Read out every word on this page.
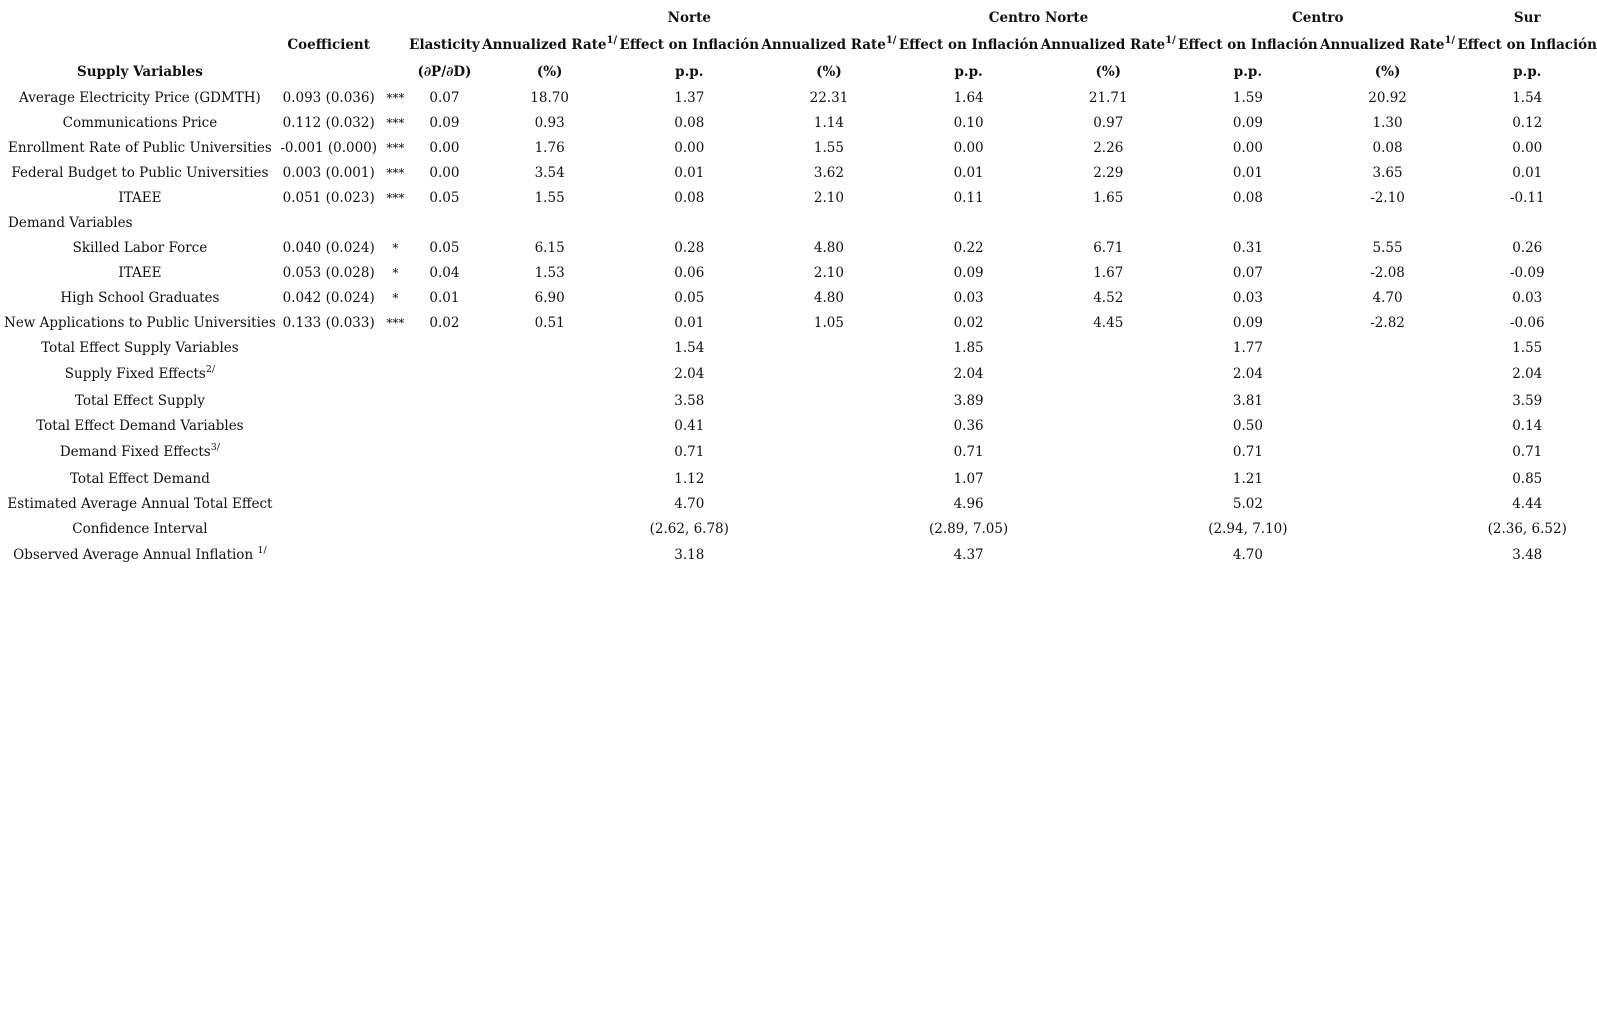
					Norte		Centro Norte		Centro		Sur
	Coefficient		Elasticity	Annualized Rate$^{1/}$	Effect on Inflación	Annualized Rate$^{1/}$	Effect on Inflación	Annualized Rate$^{1/}$	Effect on Inflación	Annualized Rate$^{1/}$	Effect on Inflación
Supply Variables			(∂P/∂D)	(%)	p.p.	(%)	p.p.	(%)	p.p.	(%)	p.p.
Average Electricity Price (GDMTH)	0.093 (0.036)	***	0.07	18.70	1.37	22.31	1.64	21.71	1.59	20.92	1.54
Communications Price	0.112 (0.032)	***	0.09	0.93	0.08	1.14	0.10	0.97	0.09	1.30	0.12
Enrollment Rate of Public Universities	-0.001 (0.000)	***	0.00	1.76	0.00	1.55	0.00	2.26	0.00	0.08	0.00
Federal Budget to Public Universities	0.003 (0.001)	***	0.00	3.54	0.01	3.62	0.01	2.29	0.01	3.65	0.01
ITAEE	0.051 (0.023)	***	0.05	1.55	0.08	2.10	0.11	1.65	0.08	-2.10	-0.11
Demand Variables											
Skilled Labor Force	0.040 (0.024)	*	0.05	6.15	0.28	4.80	0.22	6.71	0.31	5.55	0.26
ITAEE	0.053 (0.028)	*	0.04	1.53	0.06	2.10	0.09	1.67	0.07	-2.08	-0.09
High School Graduates	0.042 (0.024)	*	0.01	6.90	0.05	4.80	0.03	4.52	0.03	4.70	0.03
New Applications to Public Universities	0.133 (0.033)	***	0.02	0.51	0.01	1.05	0.02	4.45	0.09	-2.82	-0.06
Total Effect Supply Variables					1.54		1.85		1.77		1.55
Supply Fixed Effects$^{2/}$					2.04		2.04		2.04		2.04
Total Effect Supply					3.58		3.89		3.81		3.59
Total Effect Demand Variables					0.41		0.36		0.50		0.14
Demand Fixed Effects$^{3/}$					0.71		0.71		0.71		0.71
Total Effect Demand					1.12		1.07		1.21		0.85
Estimated Average Annual Total Effect					4.70		4.96		5.02		4.44
Confidence Interval					(2.62, 6.78)		(2.89, 7.05)		(2.94, 7.10)		(2.36, 6.52)
Observed Average Annual Inflation $^{1/}$					3.18		4.37		4.70		3.48
